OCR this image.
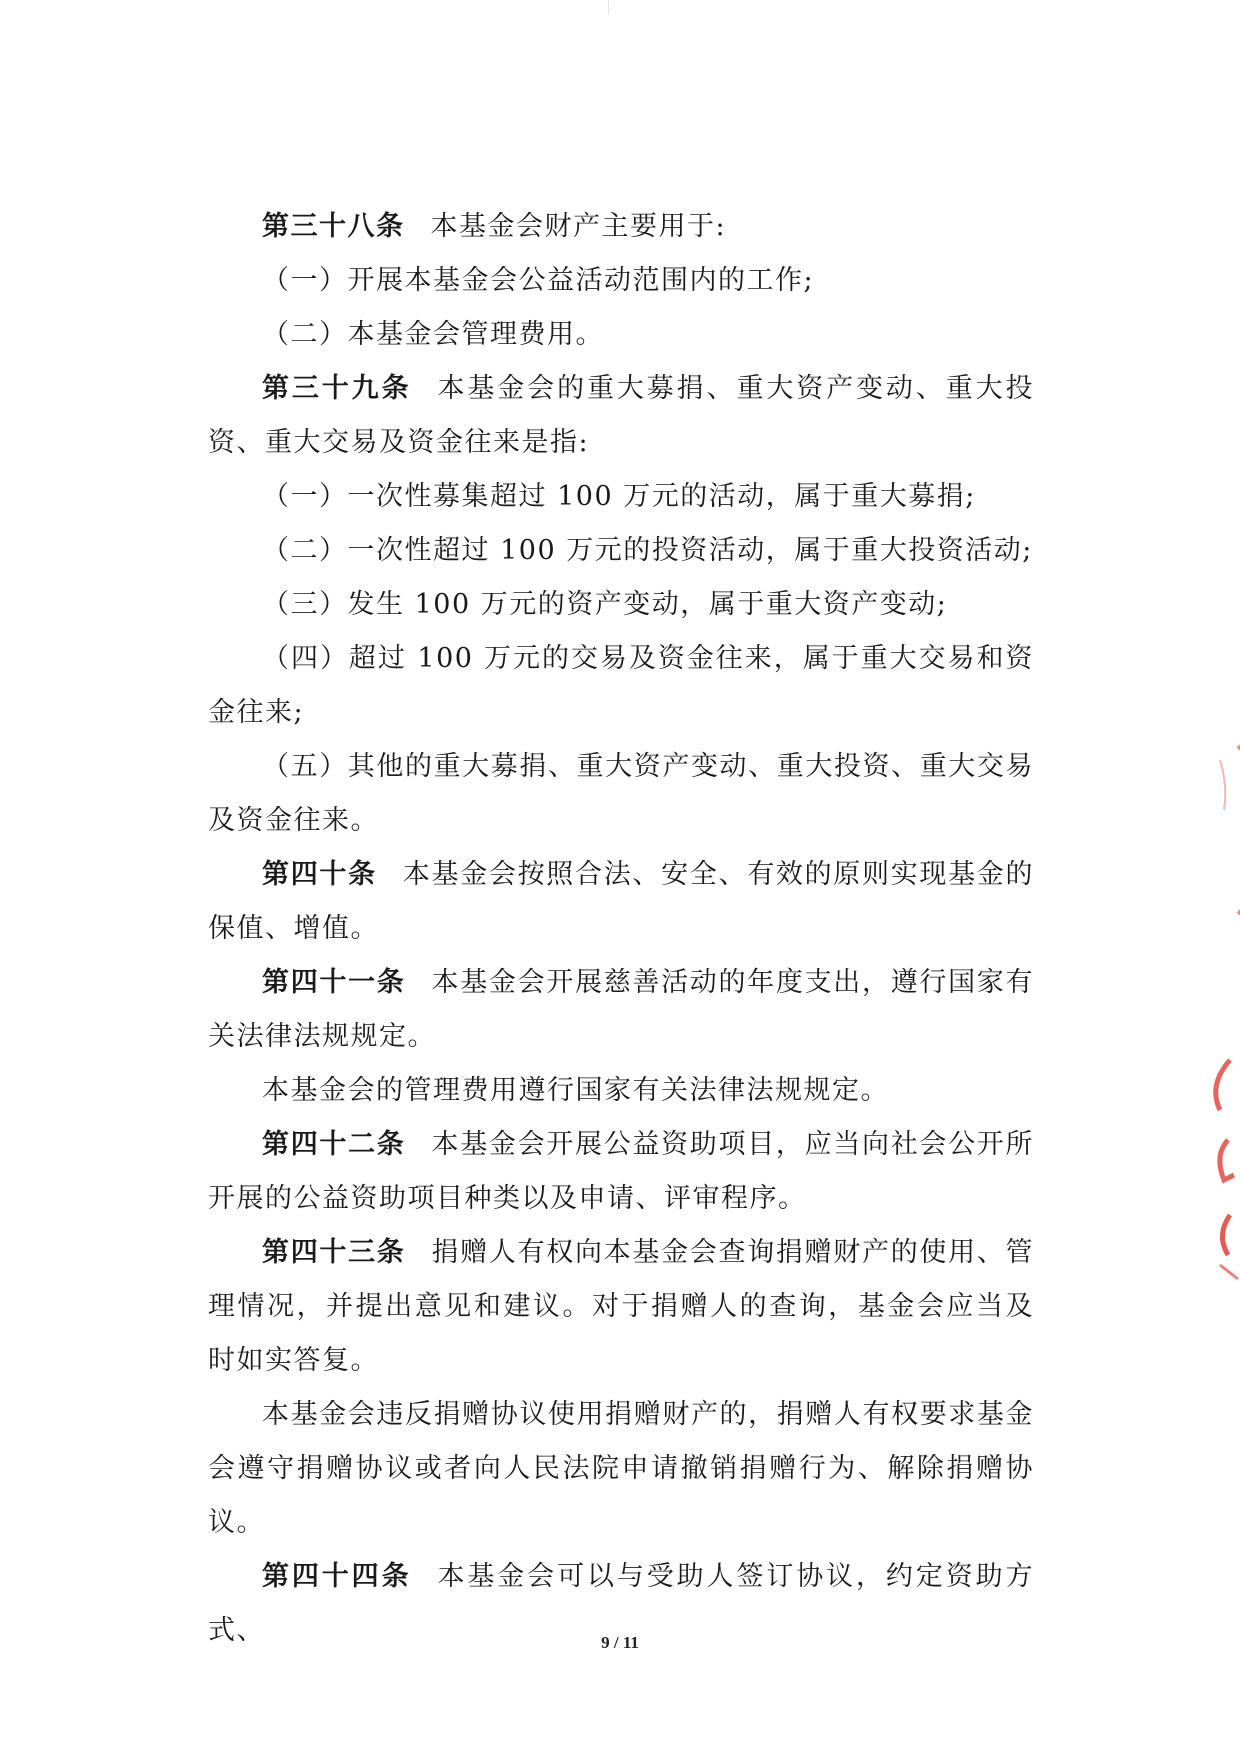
第三十八条 本基金会财产主要用于:

（一）开展本基金会公益活动范围内的工作;

（二）本基金会管理费用。

第三十九条 本基金会的重大募捐、重大资产变动、重大投资、重大交易及资金往来是指:

（一）一次性募集超过 100 万元的活动，属于重大募捐;

（二）一次性超过 100 万元的投资活动，属于重大投资活动;

（三）发生 100 万元的资产变动，属于重大资产变动;

（四）超过 100 万元的交易及资金往来，属于重大交易和资金往来;

（五）其他的重大募捐、重大资产变动、重大投资、重大交易及资金往来。

第四十条 本基金会按照合法、安全、有效的原则实现基金的保值、增值。

第四十一条 本基金会开展慈善活动的年度支出，遵行国家有关法律法规规定。

本基金会的管理费用遵行国家有关法律法规规定。

第四十二条 本基金会开展公益资助项目，应当向社会公开所开展的公益资助项目种类以及申请、评审程序。

第四十三条 捐赠人有权向本基金会查询捐赠财产的使用、管理情况，并提出意见和建议。对于捐赠人的查询，基金会应当及时如实答复。

本基金会违反捐赠协议使用捐赠财产的，捐赠人有权要求基金会遵守捐赠协议或者向人民法院申请撤销捐赠行为、解除捐赠协议。

第四十四条 本基金会可以与受助人签订协议，约定资助方式、	9 / 11
